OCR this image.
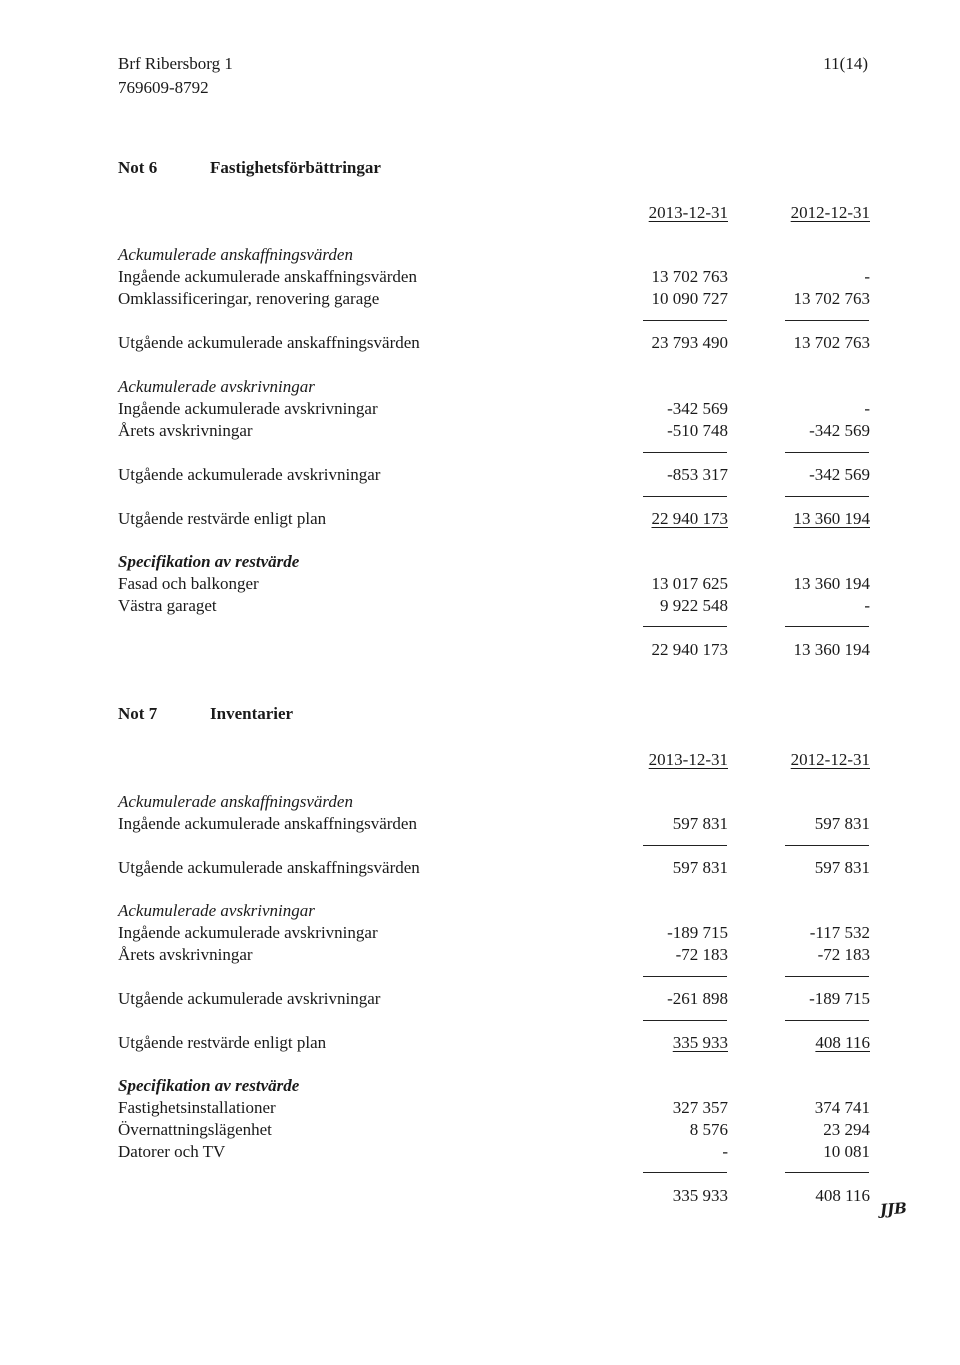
Brf Ribersborg 1
769609-8792
11(14)
Not 6	Fastighetsförbättringar
2013-12-31	2012-12-31
Ackumulerade anskaffningsvärden
Ingående ackumulerade anskaffningsvärden	13 702 763	-
Omklassificeringar, renovering garage	10 090 727	13 702 763
Utgående ackumulerade anskaffningsvärden	23 793 490	13 702 763
Ackumulerade avskrivningar
Ingående ackumulerade avskrivningar	-342 569	-
Årets avskrivningar	-510 748	-342 569
Utgående ackumulerade avskrivningar	-853 317	-342 569
Utgående restvärde enligt plan	22 940 173	13 360 194
Specifikation av restvärde
Fasad och balkonger	13 017 625	13 360 194
Västra garaget	9 922 548	-
22 940 173	13 360 194
Not 7	Inventarier
2013-12-31	2012-12-31
Ackumulerade anskaffningsvärden
Ingående ackumulerade anskaffningsvärden	597 831	597 831
Utgående ackumulerade anskaffningsvärden	597 831	597 831
Ackumulerade avskrivningar
Ingående ackumulerade avskrivningar	-189 715	-117 532
Årets avskrivningar	-72 183	-72 183
Utgående ackumulerade avskrivningar	-261 898	-189 715
Utgående restvärde enligt plan	335 933	408 116
Specifikation av restvärde
Fastighetsinstallationer	327 357	374 741
Övernattningslägenhet	8 576	23 294
Datorer och TV	-	10 081
335 933	408 116
JJB
